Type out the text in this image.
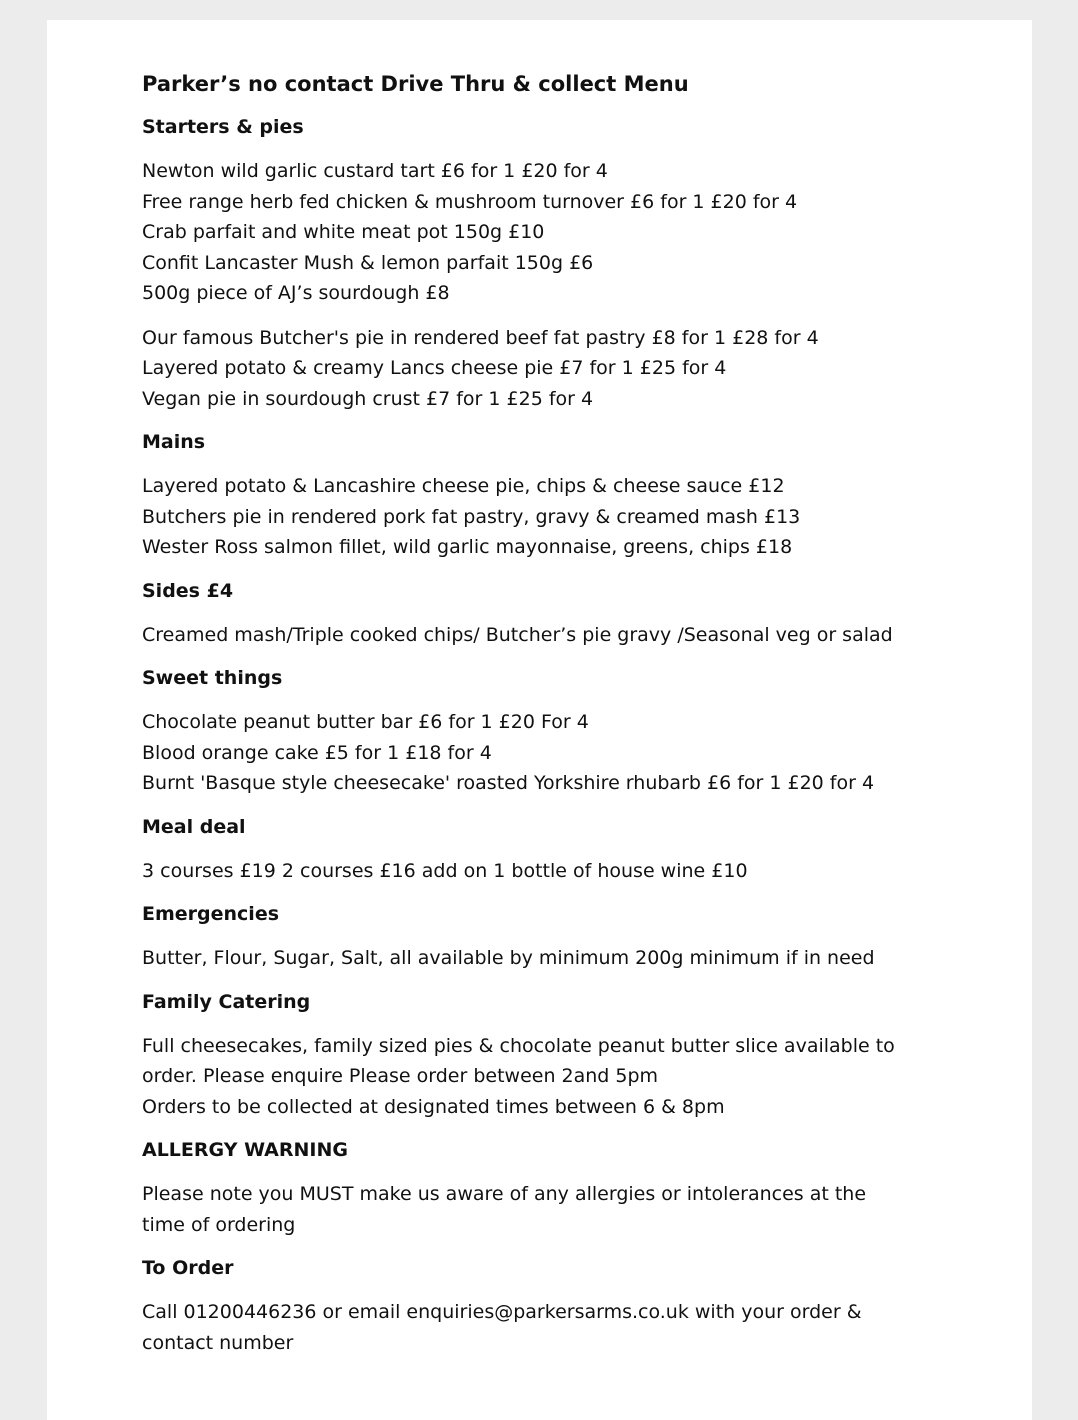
Parker’s no contact Drive Thru & collect Menu
Starters & pies
Newton wild garlic custard tart £6 for 1 £20 for 4
Free range herb fed chicken & mushroom turnover £6 for 1 £20 for 4
Crab parfait and white meat pot 150g £10
Confit Lancaster Mush & lemon parfait 150g £6
500g piece of AJ’s sourdough £8
Our famous Butcher's pie in rendered beef fat pastry £8 for 1 £28 for 4
Layered potato & creamy Lancs cheese pie £7 for 1 £25 for 4
Vegan pie in sourdough crust £7 for 1 £25 for 4
Mains
Layered potato & Lancashire cheese pie, chips & cheese sauce £12
Butchers pie in rendered pork fat pastry, gravy & creamed mash £13
Wester Ross salmon fillet, wild garlic mayonnaise, greens, chips £18
Sides £4
Creamed mash/Triple cooked chips/ Butcher’s pie gravy /Seasonal veg or salad
Sweet things
Chocolate peanut butter bar £6 for 1 £20 For 4
Blood orange cake £5 for 1 £18 for 4
Burnt 'Basque style cheesecake' roasted Yorkshire rhubarb £6 for 1 £20 for 4
Meal deal
3 courses £19 2 courses £16 add on 1 bottle of house wine £10
Emergencies
Butter, Flour, Sugar, Salt, all available by minimum 200g minimum if in need
Family Catering
Full cheesecakes, family sized pies & chocolate peanut butter slice available to
order. Please enquire Please order between 2and 5pm
Orders to be collected at designated times between 6 & 8pm
ALLERGY WARNING
Please note you MUST make us aware of any allergies or intolerances at the
time of ordering
To Order
Call 01200446236 or email enquiries@parkersarms.co.uk with your order &
contact number
